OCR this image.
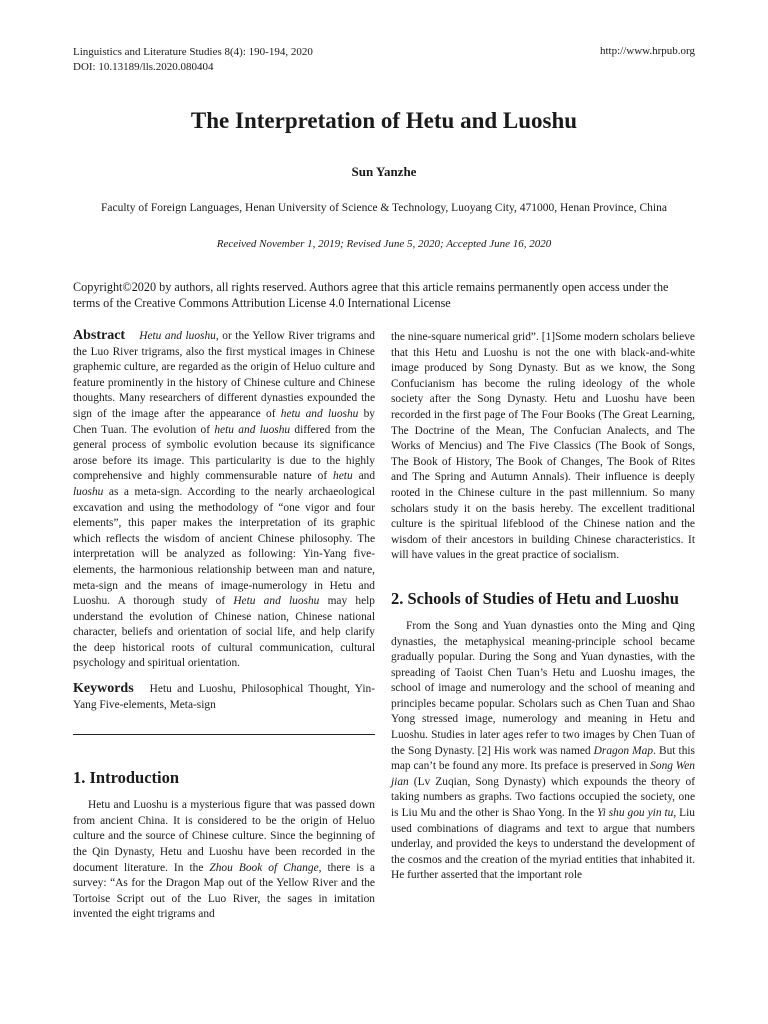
Linguistics and Literature Studies 8(4): 190-194, 2020
DOI: 10.13189/lls.2020.080404
http://www.hrpub.org
The Interpretation of Hetu and Luoshu
Sun Yanzhe
Faculty of Foreign Languages, Henan University of Science & Technology, Luoyang City, 471000, Henan Province, China
Received November 1, 2019; Revised June 5, 2020; Accepted June 16, 2020
Copyright©2020 by authors, all rights reserved. Authors agree that this article remains permanently open access under the terms of the Creative Commons Attribution License 4.0 International License
Abstract Hetu and luoshu, or the Yellow River trigrams and the Luo River trigrams, also the first mystical images in Chinese graphemic culture, are regarded as the origin of Heluo culture and feature prominently in the history of Chinese culture and Chinese thoughts. Many researchers of different dynasties expounded the sign of the image after the appearance of hetu and luoshu by Chen Tuan. The evolution of hetu and luoshu differed from the general process of symbolic evolution because its significance arose before its image. This particularity is due to the highly comprehensive and highly commensurable nature of hetu and luoshu as a meta-sign. According to the nearly archaeological excavation and using the methodology of “one vigor and four elements”, this paper makes the interpretation of its graphic which reflects the wisdom of ancient Chinese philosophy. The interpretation will be analyzed as following: Yin-Yang five-elements, the harmonious relationship between man and nature, meta-sign and the means of image-numerology in Hetu and Luoshu. A thorough study of Hetu and luoshu may help understand the evolution of Chinese nation, Chinese national character, beliefs and orientation of social life, and help clarify the deep historical roots of cultural communication, cultural psychology and spiritual orientation.
Keywords Hetu and Luoshu, Philosophical Thought, Yin- Yang Five-elements, Meta-sign
1. Introduction

Hetu and Luoshu is a mysterious figure that was passed down from ancient China. It is considered to be the origin of Heluo culture and the source of Chinese culture. Since the beginning of the Qin Dynasty, Hetu and Luoshu have been recorded in the document literature. In the Zhou Book of Change, there is a survey: “As for the Dragon Map out of the Yellow River and the Tortoise Script out of the Luo River, the sages in imitation invented the eight trigrams and

the nine-square numerical grid”. [1]Some modern scholars believe that this Hetu and Luoshu is not the one with black-and-white image produced by Song Dynasty. But as we know, the Song Confucianism has become the ruling ideology of the whole society after the Song Dynasty. Hetu and Luoshu have been recorded in the first page of The Four Books (The Great Learning, The Doctrine of the Mean, The Confucian Analects, and The Works of Mencius) and The Five Classics (The Book of Songs, The Book of History, The Book of Changes, The Book of Rites and The Spring and Autumn Annals). Their influence is deeply rooted in the Chinese culture in the past millennium. So many scholars study it on the basis hereby. The excellent traditional culture is the spiritual lifeblood of the Chinese nation and the wisdom of their ancestors in building Chinese characteristics. It will have values in the great practice of socialism.

2. Schools of Studies of Hetu and Luoshu

From the Song and Yuan dynasties onto the Ming and Qing dynasties, the metaphysical meaning-principle school became gradually popular. During the Song and Yuan dynasties, with the spreading of Taoist Chen Tuan’s Hetu and Luoshu images, the school of image and numerology and the school of meaning and principles became popular. Scholars such as Chen Tuan and Shao Yong stressed image, numerology and meaning in Hetu and Luoshu. Studies in later ages refer to two images by Chen Tuan of the Song Dynasty. [2] His work was named Dragon Map. But this map can’t be found any more. Its preface is preserved in Song Wen jian (Lv Zuqian, Song Dynasty) which expounds the theory of taking numbers as graphs. Two factions occupied the society, one is Liu Mu and the other is Shao Yong. In the Yi shu gou yin tu, Liu used combinations of diagrams and text to argue that numbers underlay, and provided the keys to understand the development of the cosmos and the creation of the myriad entities that inhabited it. He further asserted that the important role
